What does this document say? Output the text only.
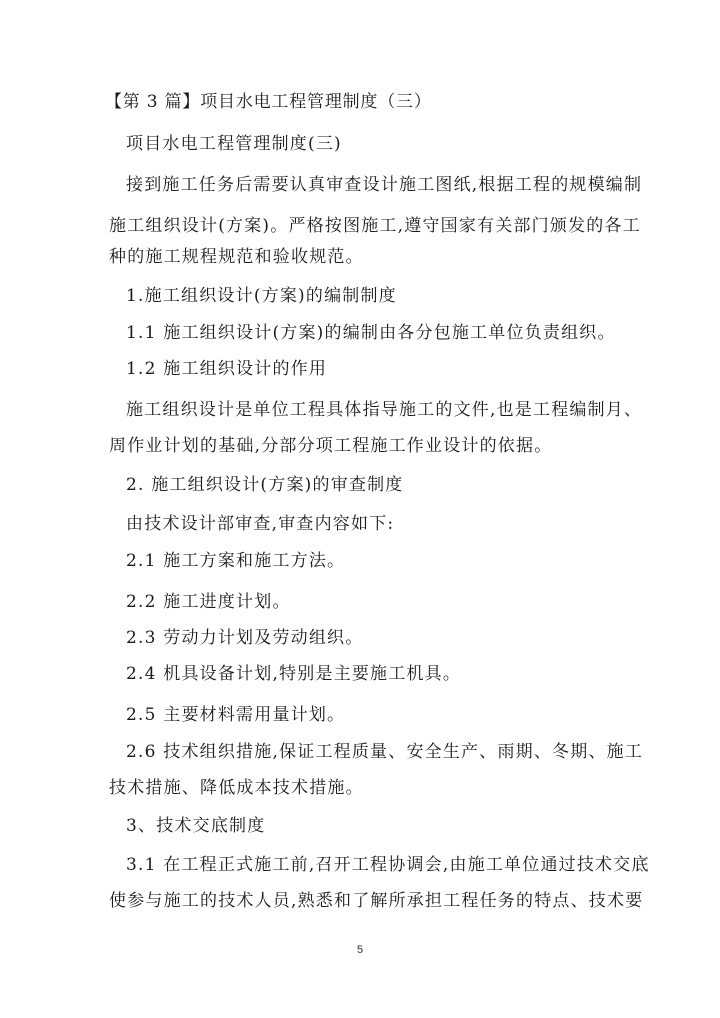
【第 3 篇】项目水电工程管理制度（三）
项目水电工程管理制度(三)
接到施工任务后需要认真审查设计施工图纸,根据工程的规模编制
施工组织设计(方案)。严格按图施工,遵守国家有关部门颁发的各工
种的施工规程规范和验收规范。
1.施工组织设计(方案)的编制制度
1.1 施工组织设计(方案)的编制由各分包施工单位负责组织。
1.2 施工组织设计的作用
施工组织设计是单位工程具体指导施工的文件,也是工程编制月、
周作业计划的基础,分部分项工程施工作业设计的依据。
2. 施工组织设计(方案)的审查制度
由技术设计部审查,审查内容如下:
2.1 施工方案和施工方法。
2.2 施工进度计划。
2.3 劳动力计划及劳动组织。
2.4 机具设备计划,特别是主要施工机具。
2.5 主要材料需用量计划。
2.6 技术组织措施,保证工程质量、安全生产、雨期、冬期、施工
技术措施、降低成本技术措施。
3、技术交底制度
3.1 在工程正式施工前,召开工程协调会,由施工单位通过技术交底
使参与施工的技术人员,熟悉和了解所承担工程任务的特点、技术要
5
